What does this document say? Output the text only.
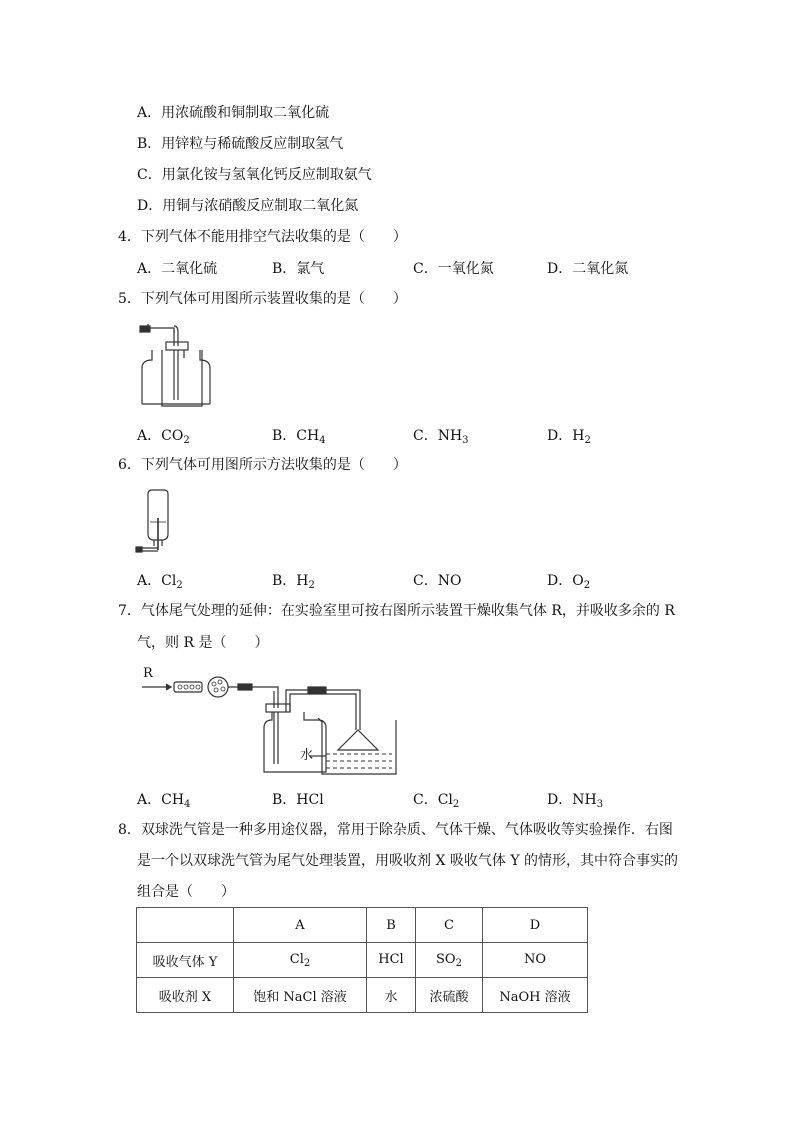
A．用浓硫酸和铜制取二氧化硫
B．用锌粒与稀硫酸反应制取氢气
C．用氯化铵与氢氧化钙反应制取氨气
D．用铜与浓硝酸反应制取二氧化氮
4．下列气体不能用排空气法收集的是（　　）
A．二氧化硫	B．氯气	C．一氧化氮	D．二氧化氮
5．下列气体可用图所示装置收集的是（　　）
A．$CO_2$	B．$CH_4$	C．$NH_3$	D．$H_2$
6．下列气体可用图所示方法收集的是（　　）
A．$Cl_2$	B．$H_2$	C．NO	D．$O_2$
7．气体尾气处理的延伸：在实验室里可按右图所示装置干燥收集气体 R，并吸收多余的 R
气，则 R 是（　　）
R
水
A．$CH_4$	B．HCl	C．$Cl_2$	D．$NH_3$
8．双球洗气管是一种多用途仪器，常用于除杂质、气体干燥、气体吸收等实验操作．右图
是一个以双球洗气管为尾气处理装置，用吸收剂 X 吸收气体 Y 的情形，其中符合事实的
组合是（　　）
	A	B	C	D
吸收气体 Y	$Cl_2$	HCl	$SO_2$	NO
吸收剂 X	饱和 NaCl 溶液	水	浓硫酸	NaOH 溶液
